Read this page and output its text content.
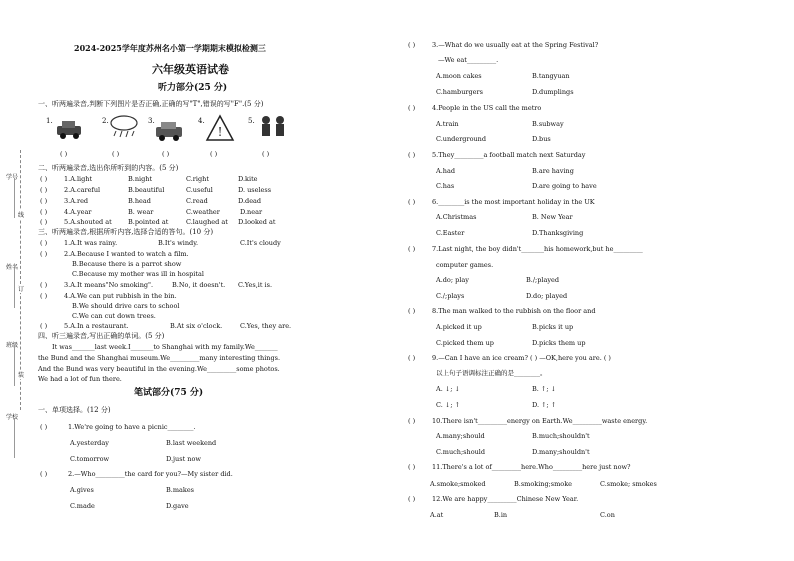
学号
姓名
班级
学校
线
订
装
2024-2025学年度苏州名小第一学期期末模拟检测三
六年级英语试卷
听力部分(25 分)
一、听两遍录音,判断下列图片是否正确,正确的写"T",错误的写"F".(5 分)
1.	2.	3.	4.
!
5.
( )	( )	( )	( )	( )
二、听两遍录音,选出你所听到的内容。(5 分)
( )	1.A.light	B.night	C.right	D.kite
( )	2.A.careful	B.beautiful	C.useful	D. useless
( )	3.A.red	B.head	C.read	D.dead
( )	4.A.year	B. wear	C.weather	D.near
( )	5.A.shouted at B.pointed at	C.laughed at D.looked at
三、听两遍录音,根据所听内容,选择合适的答句。(10 分)
( )	1.A.It was rainy.	B.It's windy.	C.It's cloudy
( )	2.A.Because I wanted to watch a film.
B.Because there is a parrot show
C.Because my mother was ill in hospital
( )	3.A.It means"No smoking".	B.No, it doesn't. C.Yes,it is.
( )	4.A.We can put rubbish in the bin.
B.We should drive cars to school
C.We can cut down trees.
( )	5.A.In a restaurant.	B.At six o'clock.	C.Yes, they are.
四、听三遍录音,写出正确的单词。(5 分)
It was_______last week.I_______to Shanghai with my family.We_______
the Bund and the Shanghai museum.We_________many interesting things.
And the Bund was very beautiful in the evening.We_________some photos.
We had a lot of fun there.
笔试部分(75 分)
一、单项选择。(12 分)
( )	1.We're going to have a picnic________.
A.yesterday	B.last weekend
C.tomorrow	D.just now
( )	2.—Who_________the card for you?—My sister did.
A.gives	B.makes
C.made	D.gave
( )	3.—What do we usually eat at the Spring Festival?
—We eat_________.
A.moon cakes	B.tangyuan
C.hamburgers	D.dumplings
( )	4.People in the US call the metro
A.train	B.subway
C.underground	D.bus
( )	5.They_________a football match next Saturday
A.had	B.are having
C.has	D.are going to have
( )	6.________is the most important holiday in the UK
A.Christmas	B. New Year
C.Easter	D.Thanksgiving
( )	7.Last night, the boy didn't_______his homework,but he_________
computer games.
A.do; play	B./;played
C./;plays	D.do; played
( )	8.The man walked to the rubbish on the floor and
A.picked it up	B.picks it up
C.picked them up	D.picks them up
( )	9.—Can I have an ice cream? ( ) —OK,here you are. ( )
以上句子语调标注正确的是________。
A. ↓; ↓	B. ↑; ↓
C. ↓; ↑	D. ↑; ↑
( )	10.There isn't_________energy on Earth.We_________waste energy.
A.many;should	B.much;shouldn't
C.much;should	D.many;shouldn't
( )	11.There's a lot of_________here.Who_________here just now?
A.smoke;smoked	B.smoking;smoke	C.smoke; smokes
( )	12.We are happy_________Chinese New Year.
A.at	B.in	C.on
